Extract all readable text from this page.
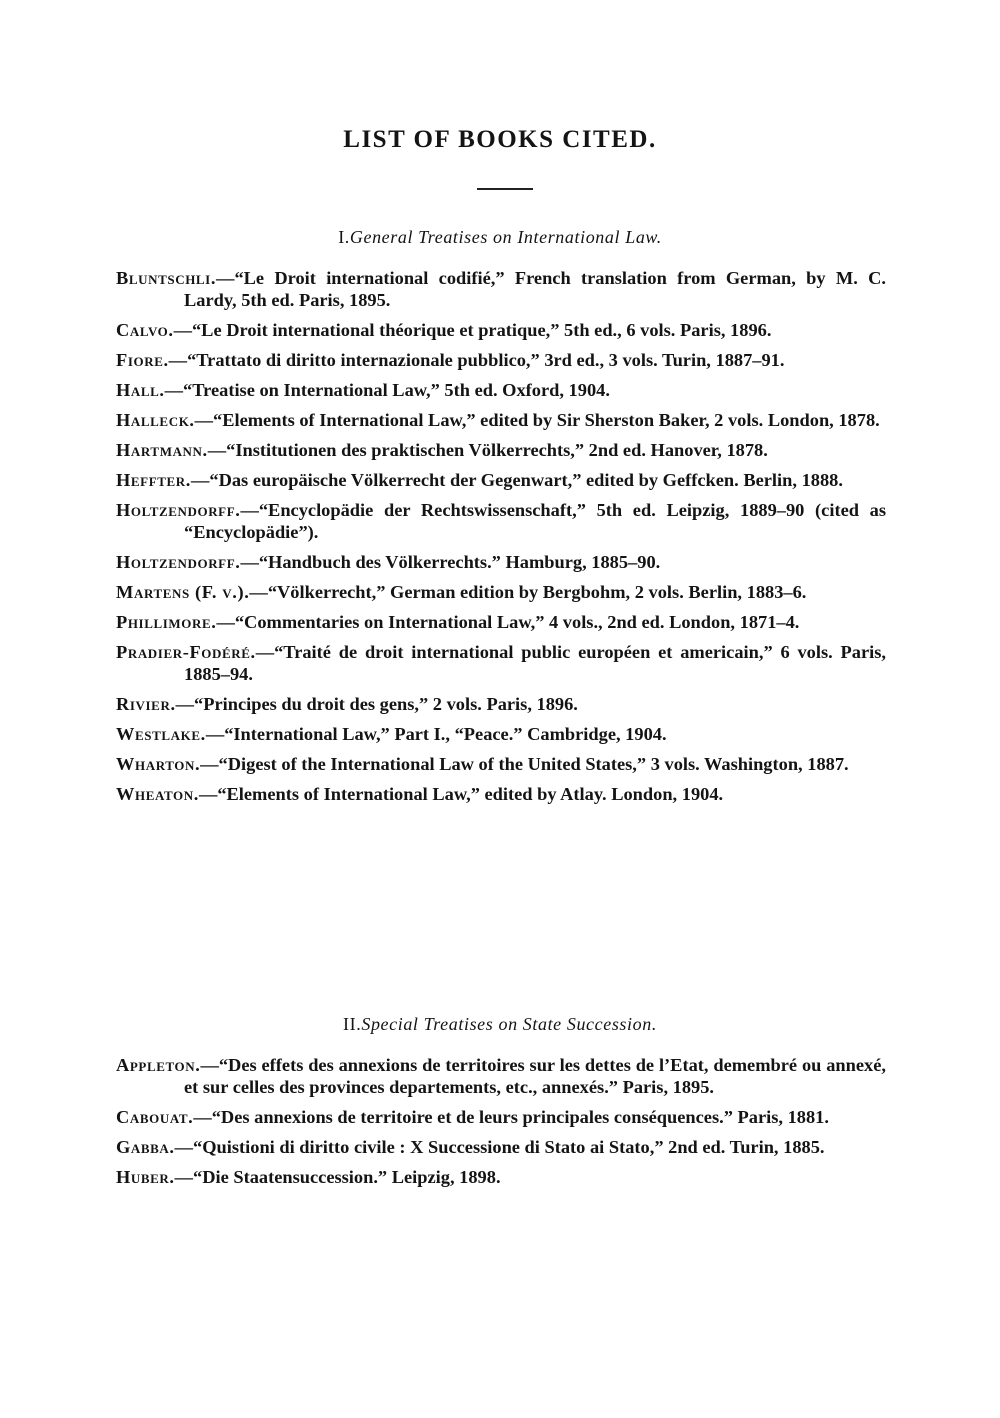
LIST OF BOOKS CITED.
I.General Treatises on International Law.
Bluntschli.—“Le Droit international codifié,” French translation from German, by M. C. Lardy, 5th ed. Paris, 1895.
Calvo.—“Le Droit international théorique et pratique,” 5th ed., 6 vols. Paris, 1896.
Fiore.—“Trattato di diritto internazionale pubblico,” 3rd ed., 3 vols. Turin, 1887–91.
Hall.—“Treatise on International Law,” 5th ed. Oxford, 1904.
Halleck.—“Elements of International Law,” edited by Sir Sherston Baker, 2 vols. London, 1878.
Hartmann.—“Institutionen des praktischen Völkerrechts,” 2nd ed. Hanover, 1878.
Heffter.—“Das europäische Völkerrecht der Gegenwart,” edited by Geffcken. Berlin, 1888.
Holtzendorff.—“Encyclopädie der Rechtswissenschaft,” 5th ed. Leipzig, 1889–90 (cited as “Encyclopädie”).
Holtzendorff.—“Handbuch des Völkerrechts.” Hamburg, 1885–90.
Martens (F. v.).—“Völkerrecht,” German edition by Bergbohm, 2 vols. Berlin, 1883–6.
Phillimore.—“Commentaries on International Law,” 4 vols., 2nd ed. London, 1871–4.
Pradier-Fodéré.—“Traité de droit international public européen et americain,” 6 vols. Paris, 1885–94.
Rivier.—“Principes du droit des gens,” 2 vols. Paris, 1896.
Westlake.—“International Law,” Part I., “Peace.” Cambridge, 1904.
Wharton.—“Digest of the International Law of the United States,” 3 vols. Washington, 1887.
Wheaton.—“Elements of International Law,” edited by Atlay. London, 1904.
II.Special Treatises on State Succession.
Appleton.—“Des effets des annexions de territoires sur les dettes de l’Etat, demembré ou annexé, et sur celles des provinces departements, etc., annexés.” Paris, 1895.
Cabouat.—“Des annexions de territoire et de leurs principales conséquences.” Paris, 1881.
Gabba.—“Quistioni di diritto civile : X Successione di Stato ai Stato,” 2nd ed. Turin, 1885.
Huber.—“Die Staatensuccession.” Leipzig, 1898.
